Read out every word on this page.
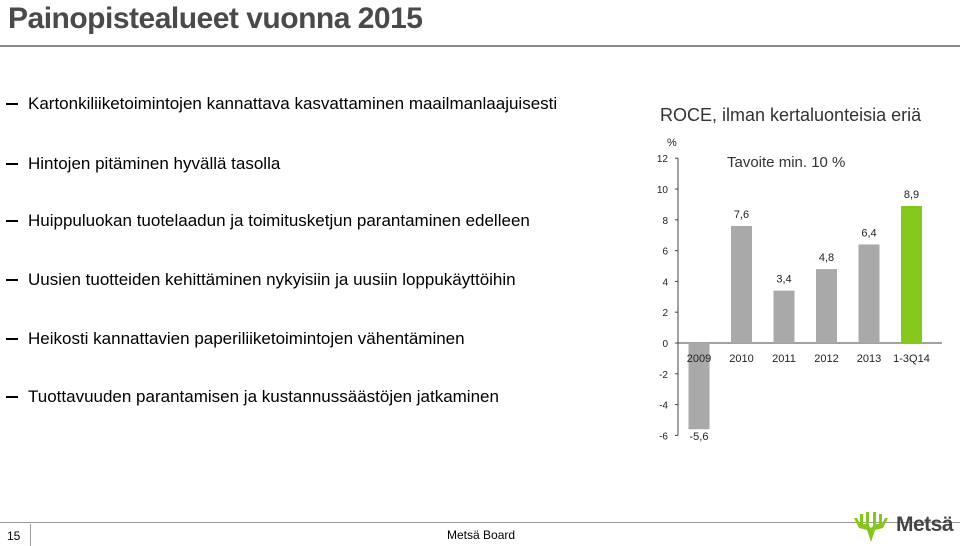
Painopistealueet vuonna 2015
Kartonkiliiketoimintojen kannattava kasvattaminen maailmanlaajuisesti
Hintojen pitäminen hyvällä tasolla
Huippuluokan tuotelaadun ja toimitusketjun parantaminen edelleen
Uusien tuotteiden kehittäminen nykyisiin ja uusiin loppukäyttöihin
Heikosti kannattavien paperiliiketoimintojen vähentäminen
Tuottavuuden parantamisen ja kustannussäästöjen jatkaminen
ROCE, ilman kertaluonteisia eriä
%
Tavoite min. 10 %
12
10
8
6
4
2
0
-2
-4
-6 -5,6
2009
7,6
2010
3,4
2011
4,8
2012
6,4
2013
8,9
1-3Q14
15	Metsä Board	Metsä
